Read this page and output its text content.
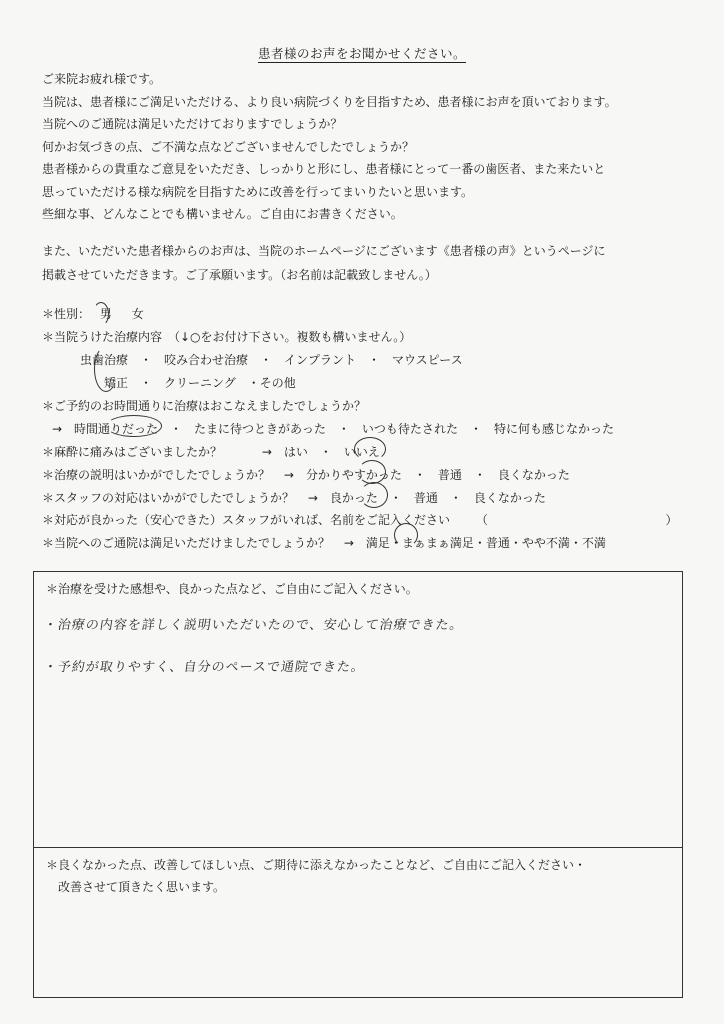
患者様のお声をお聞かせください。

ご来院お疲れ様です。

当院は、患者様にご満足いただける、より良い病院づくりを目指すため、患者様にお声を頂いております。

当院へのご通院は満足いただけておりますでしょうか？

何かお気づきの点、ご不満な点などございませんでしたでしょうか？

患者様からの貴重なご意見をいただき、しっかりと形にし、患者様にとって一番の歯医者、また来たいと

思っていただける様な病院を目指すために改善を行ってまいりたいと思います。

些細な事、どんなことでも構いません。ご自由にお書きください。

また、いただいた患者様からのお声は、当院のホームページにございます《患者様の声》というページに

掲載させていただきます。ご了承願います。（お名前は記載致しません。）

＊性別： 男 女
＊当院うけた治療内容　（↓○をお付け下さい。複数も構いません。）
虫歯治療　・　咬み合わせ治療　・　インプラント　・　マウスピース
矯正　・　クリーニング　・その他
＊ご予約のお時間通りに治療はおこなえましたでしょうか？
→　時間通りだった　・　たまに待つときがあった　・　いつも待たされた　・　特に何も感じなかった
＊麻酔に痛みはございましたか？	→　はい　・　いいえ
＊治療の説明はいかがでしたでしょうか？ →　分かりやすかった　・　普通　・　良くなかった
＊スタッフの対応はいかがでしたでしょうか？ →　良かった　・　普通　・　良くなかった
＊対応が良かった（安心できた）スタッフがいれば、名前をご記入ください （	）
＊当院へのご通院は満足いただけましたでしょうか？ →　満足・まぁまぁ満足・普通・やや不満・不満
＊治療を受けた感想や、良かった点など、ご自由にご記入ください。
・治療の内容を詳しく説明いただいたので、安心して治療できた。
・予約が取りやすく、自分のペースで通院できた。
＊良くなかった点、改善してほしい点、ご期待に添えなかったことなど、ご自由にご記入ください・
改善させて頂きたく思います。
